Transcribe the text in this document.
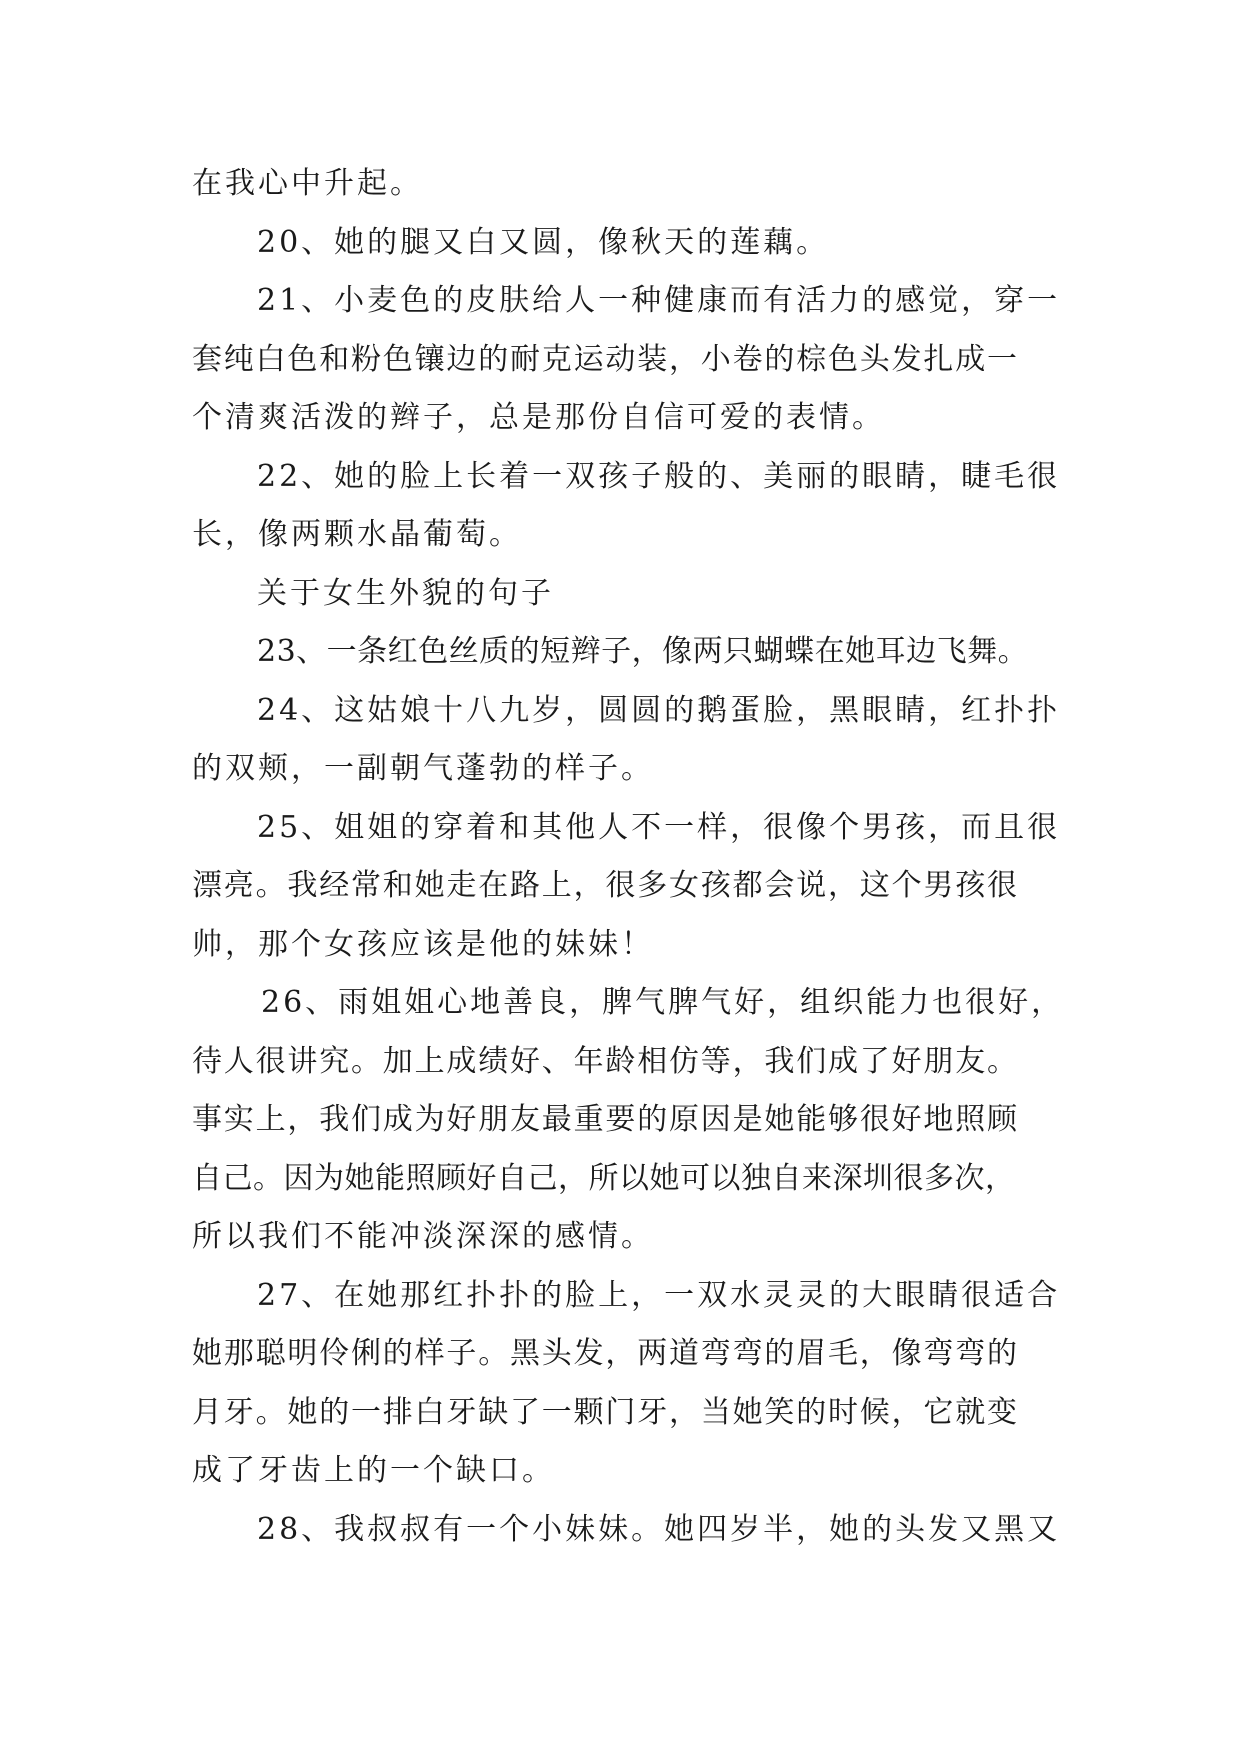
在我心中升起。
20、她的腿又白又圆，像秋天的莲藕。
21、小麦色的皮肤给人一种健康而有活力的感觉，穿一
套纯白色和粉色镶边的耐克运动装，小卷的棕色头发扎成一
个清爽活泼的辫子，总是那份自信可爱的表情。
22、她的脸上长着一双孩子般的、美丽的眼睛，睫毛很
长，像两颗水晶葡萄。
关于女生外貌的句子
23、一条红色丝质的短辫子，像两只蝴蝶在她耳边飞舞。
24、这姑娘十八九岁，圆圆的鹅蛋脸，黑眼睛，红扑扑
的双颊，一副朝气蓬勃的样子。
25、姐姐的穿着和其他人不一样，很像个男孩，而且很
漂亮。我经常和她走在路上，很多女孩都会说，这个男孩很
帅，那个女孩应该是他的妹妹！
26、雨姐姐心地善良，脾气脾气好，组织能力也很好，
待人很讲究。加上成绩好、年龄相仿等，我们成了好朋友。
事实上，我们成为好朋友最重要的原因是她能够很好地照顾
自己。因为她能照顾好自己，所以她可以独自来深圳很多次，
所以我们不能冲淡深深的感情。
27、在她那红扑扑的脸上，一双水灵灵的大眼睛很适合
她那聪明伶俐的样子。黑头发，两道弯弯的眉毛，像弯弯的
月牙。她的一排白牙缺了一颗门牙，当她笑的时候，它就变
成了牙齿上的一个缺口。
28、我叔叔有一个小妹妹。她四岁半，她的头发又黑又
